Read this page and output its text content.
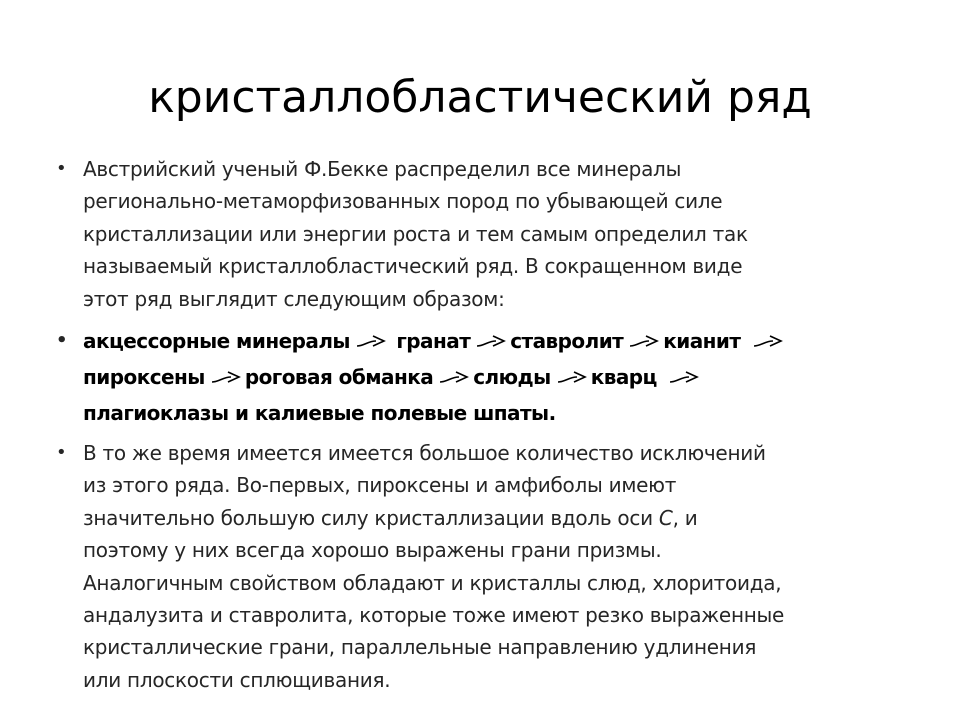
кристаллобластический ряд
• Австрийский ученый Ф.Бекке распределил все минералы
регионально-метаморфизованных пород по убывающей силе
кристаллизации или энергии роста и тем самым определил так
называемый кристаллобластический ряд. В сокращенном виде
этот ряд выглядит следующим образом:
• акцессорные минералы гранат ставролит кианит
пироксены роговая обманка слюды кварц
плагиоклазы и калиевые полевые шпаты.
• В то же время имеется имеется большое количество исключений
из этого ряда. Во-первых, пироксены и амфиболы имеют
значительно большую силу кристаллизации вдоль оси С, и
поэтому у них всегда хорошо выражены грани призмы.
Аналогичным свойством обладают и кристаллы слюд, хлоритоида,
андалузита и ставролита, которые тоже имеют резко выраженные
кристаллические грани, параллельные направлению удлинения
или плоскости сплющивания.
